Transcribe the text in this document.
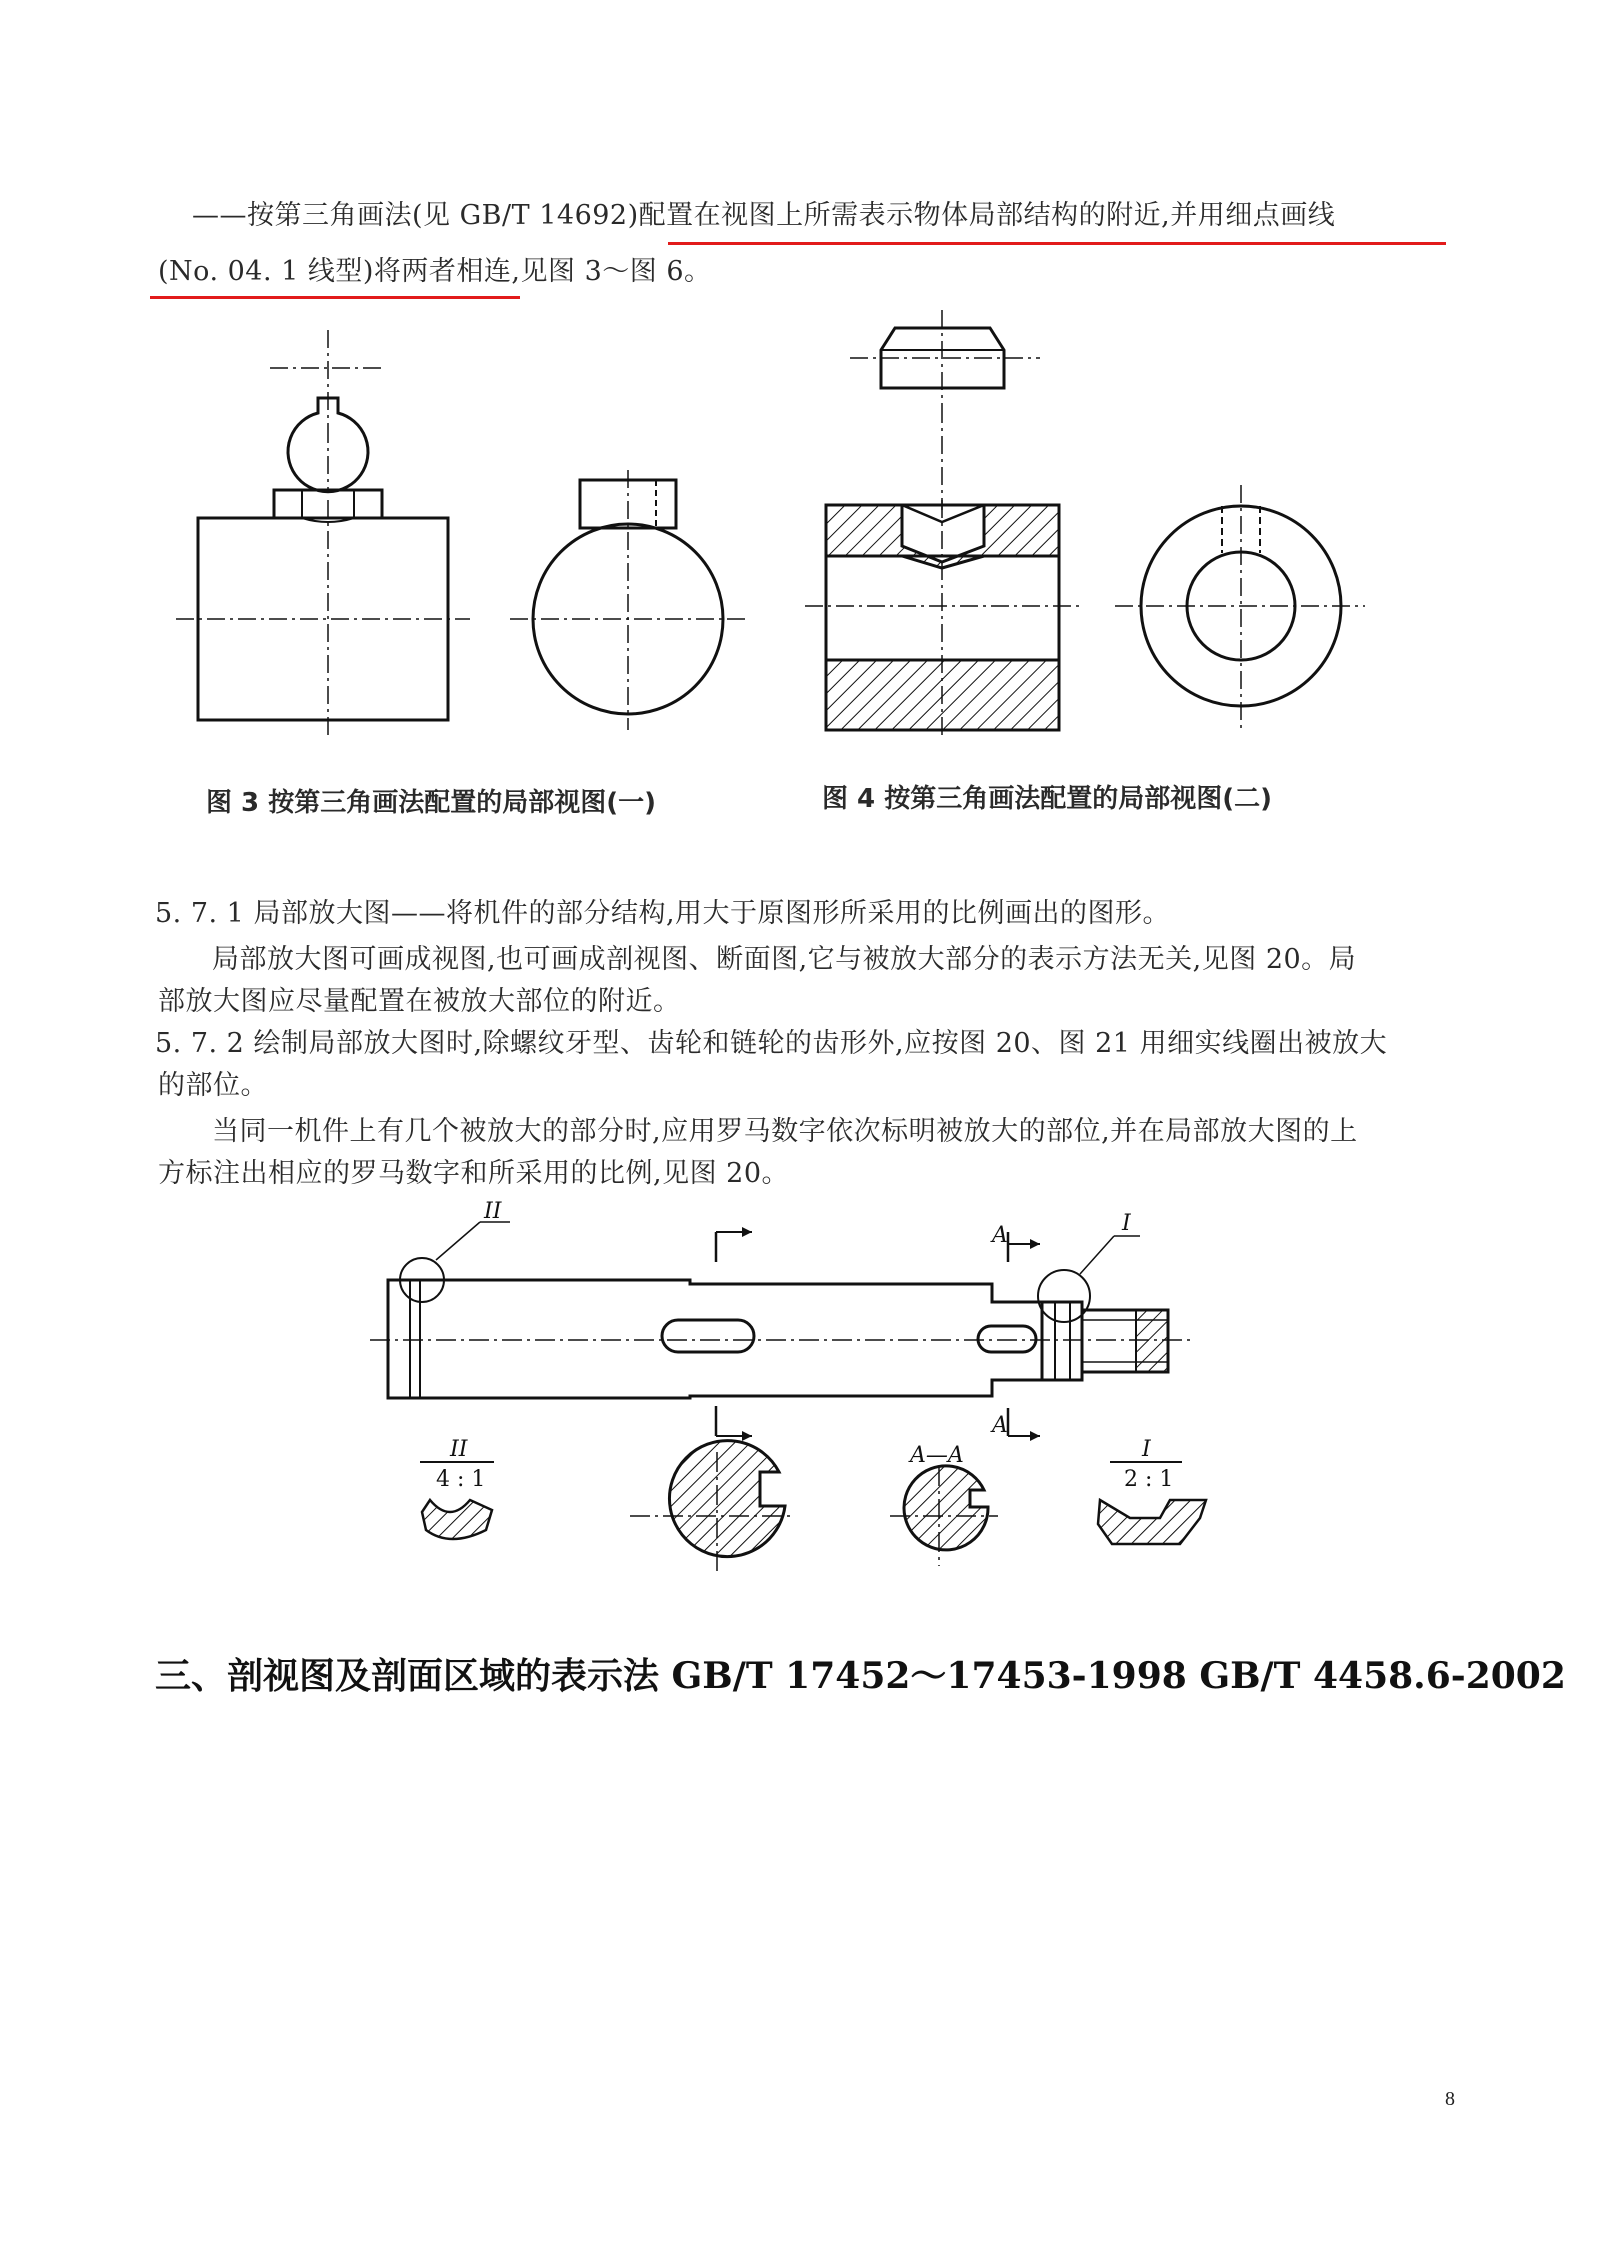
——按第三角画法(见 GB/T 14692)配置在视图上所需表示物体局部结构的附近,并用细点画线
(No. 04. 1 线型)将两者相连,见图 3～图 6。
图 3 按第三角画法配置的局部视图(一)	图 4 按第三角画法配置的局部视图(二)
5. 7. 1 局部放大图——将机件的部分结构,用大于原图形所采用的比例画出的图形。
局部放大图可画成视图,也可画成剖视图、断面图,它与被放大部分的表示方法无关,见图 20。局
部放大图应尽量配置在被放大部位的附近。
5. 7. 2 绘制局部放大图时,除螺纹牙型、齿轮和链轮的齿形外,应按图 20、图 21 用细实线圈出被放大
的部位。
当同一机件上有几个被放大的部分时,应用罗马数字依次标明被放大的部位,并在局部放大图的上
方标注出相应的罗马数字和所采用的比例,见图 20。
II	I
A
A
A—A
II
4 : 1
I
2 : 1
三、剖视图及剖面区域的表示法 GB/T 17452～17453-1998 GB/T 4458.6-2002
8
